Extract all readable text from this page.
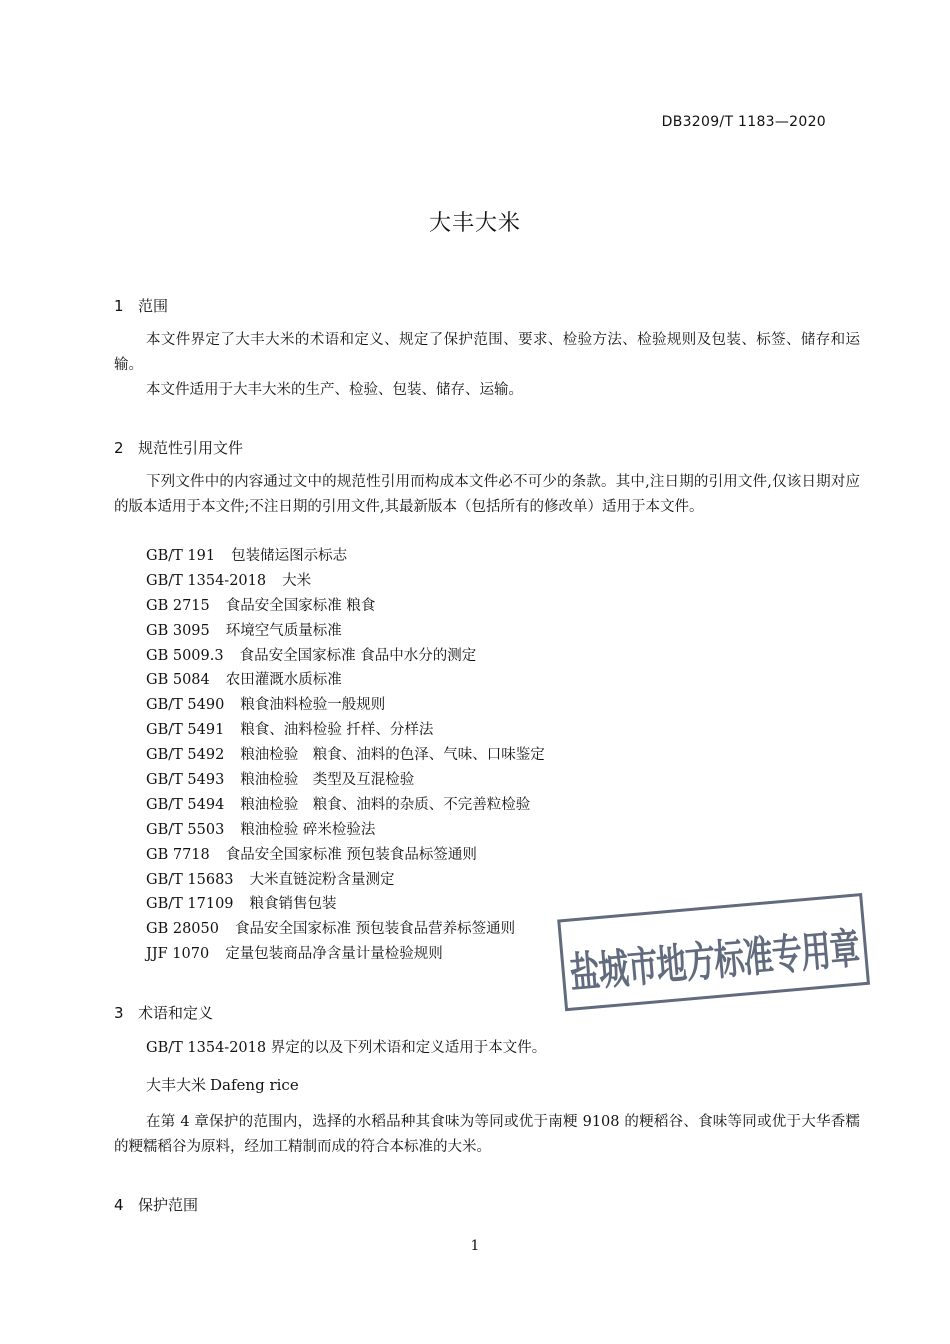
DB3209/T 1183—2020
大丰大米
1 范围

本文件界定了大丰大米的术语和定义、规定了保护范围、要求、检验方法、检验规则及包装、标签、储存和运输。

本文件适用于大丰大米的生产、检验、包装、储存、运输。

2 规范性引用文件

下列文件中的内容通过文中的规范性引用而构成本文件必不可少的条款。其中,注日期的引用文件,仅该日期对应的版本适用于本文件;不注日期的引用文件,其最新版本（包括所有的修改单）适用于本文件。

GB/T 191 包装储运图示标志
GB/T 1354-2018 大米
GB 2715 食品安全国家标准 粮食
GB 3095 环境空气质量标准
GB 5009.3 食品安全国家标准 食品中水分的测定
GB 5084 农田灌溉水质标准
GB/T 5490 粮食油料检验一般规则
GB/T 5491 粮食、油料检验 扦样、分样法
GB/T 5492 粮油检验　粮食、油料的色泽、气味、口味鉴定
GB/T 5493 粮油检验　类型及互混检验
GB/T 5494 粮油检验　粮食、油料的杂质、不完善粒检验
GB/T 5503 粮油检验 碎米检验法
GB 7718 食品安全国家标准 预包装食品标签通则
GB/T 15683 大米直链淀粉含量测定
GB/T 17109 粮食销售包装
GB 28050 食品安全国家标准 预包装食品营养标签通则
JJF 1070 定量包装商品净含量计量检验规则
3 术语和定义

GB/T 1354-2018 界定的以及下列术语和定义适用于本文件。

大丰大米 Dafeng rice

在第 4 章保护的范围内，选择的水稻品种其食味为等同或优于南粳 9108 的粳稻谷、食味等同或优于大华香糯的粳糯稻谷为原料，经加工精制而成的符合本标准的大米。

4 保护范围
盐城市地方标准专用章
1
